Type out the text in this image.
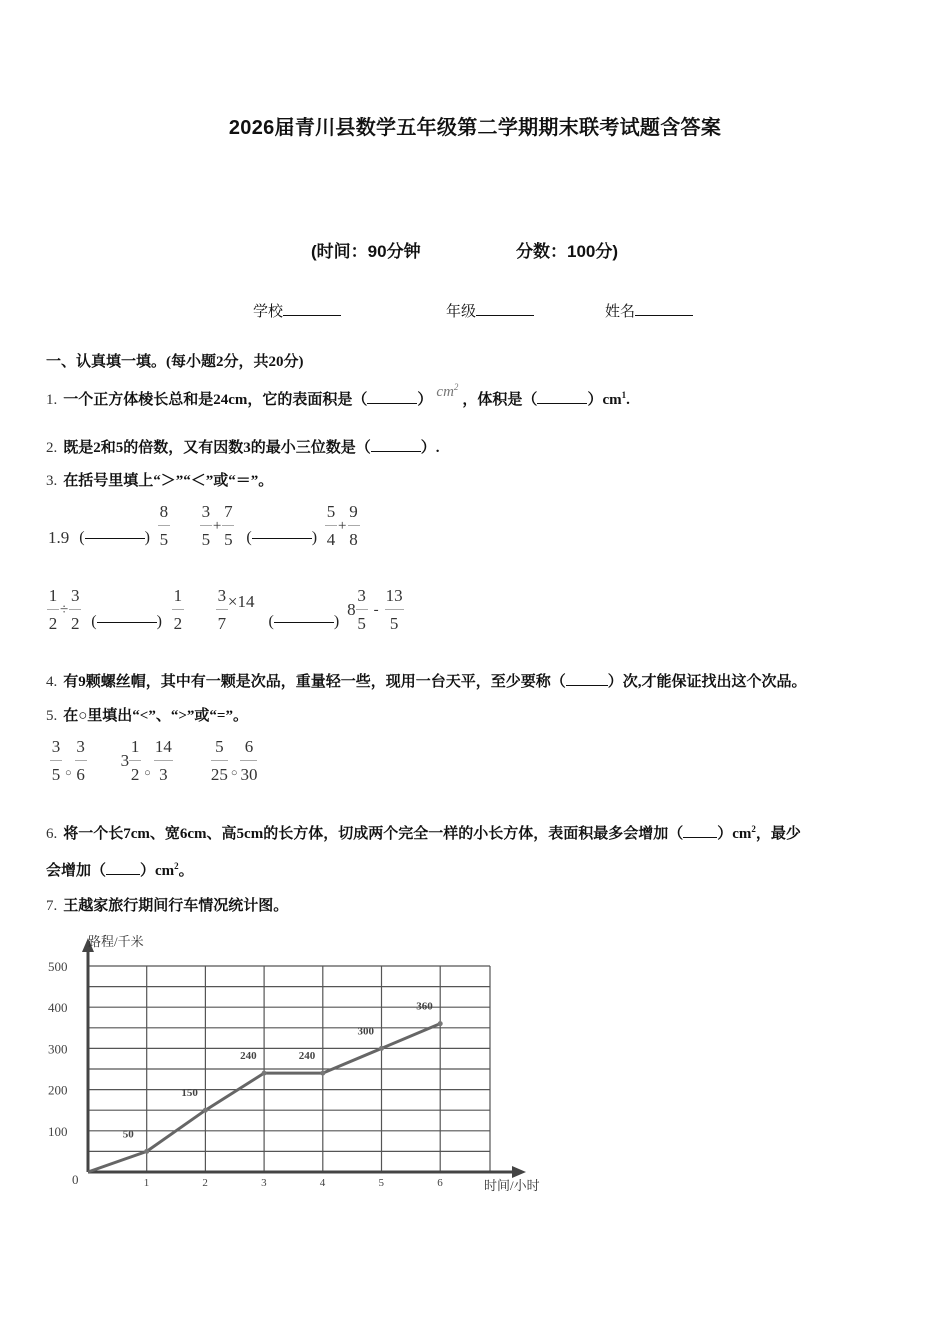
2026届青川县数学五年级第二学期期末联考试题含答案
(时间：90分钟	分数：100分)
学校	年级	姓名
一、认真填一填。(每小题2分，共20分)
1. 一个正方体棱长总和是24cm，它的表面积是（	） $cm^2$，体积是（	）$cm^1$.
2. 既是2和5的倍数，又有因数3的最小三位数是（	）.
3. 在括号里填上“＞”“＜”或“＝”。
1.9 (	) $\frac{8}{5} \frac{3}{5} + \frac{7}{5}$ (	) $\frac{5}{4} + \frac{9}{8}$
$\frac{1}{2} \div \frac{3}{2}$ (	) $\frac{1}{2} \frac{3}{7} \times 14$
(	)
$8 \frac{3}{5} - \frac{13}{5}$
4. 有9颗螺丝帽，其中有一颗是次品，重量轻一些，现用一台天平，至少要称（	）次,才能保证找出这个次品。
5. 在○里填出“<”、“>”或“=”。
$\frac{3}{5}$ ○ $\frac{3}{6} 3 \frac{1}{2}$ ○ $\frac{14}{3} \frac{5}{25}$ ○ $\frac{6}{30}$
6. 将一个长7cm、宽6cm、高5cm的长方体，切成两个完全一样的小长方体，表面积最多会增加（ ）$cm^2$，最少
会增加（ ）$cm^2$。
7. 王越家旅行期间行车情况统计图。
100
200
300
400
500
0	1	2	3	4	5	6
50
150
240	240
300
360
路程/千米
时间/小时
